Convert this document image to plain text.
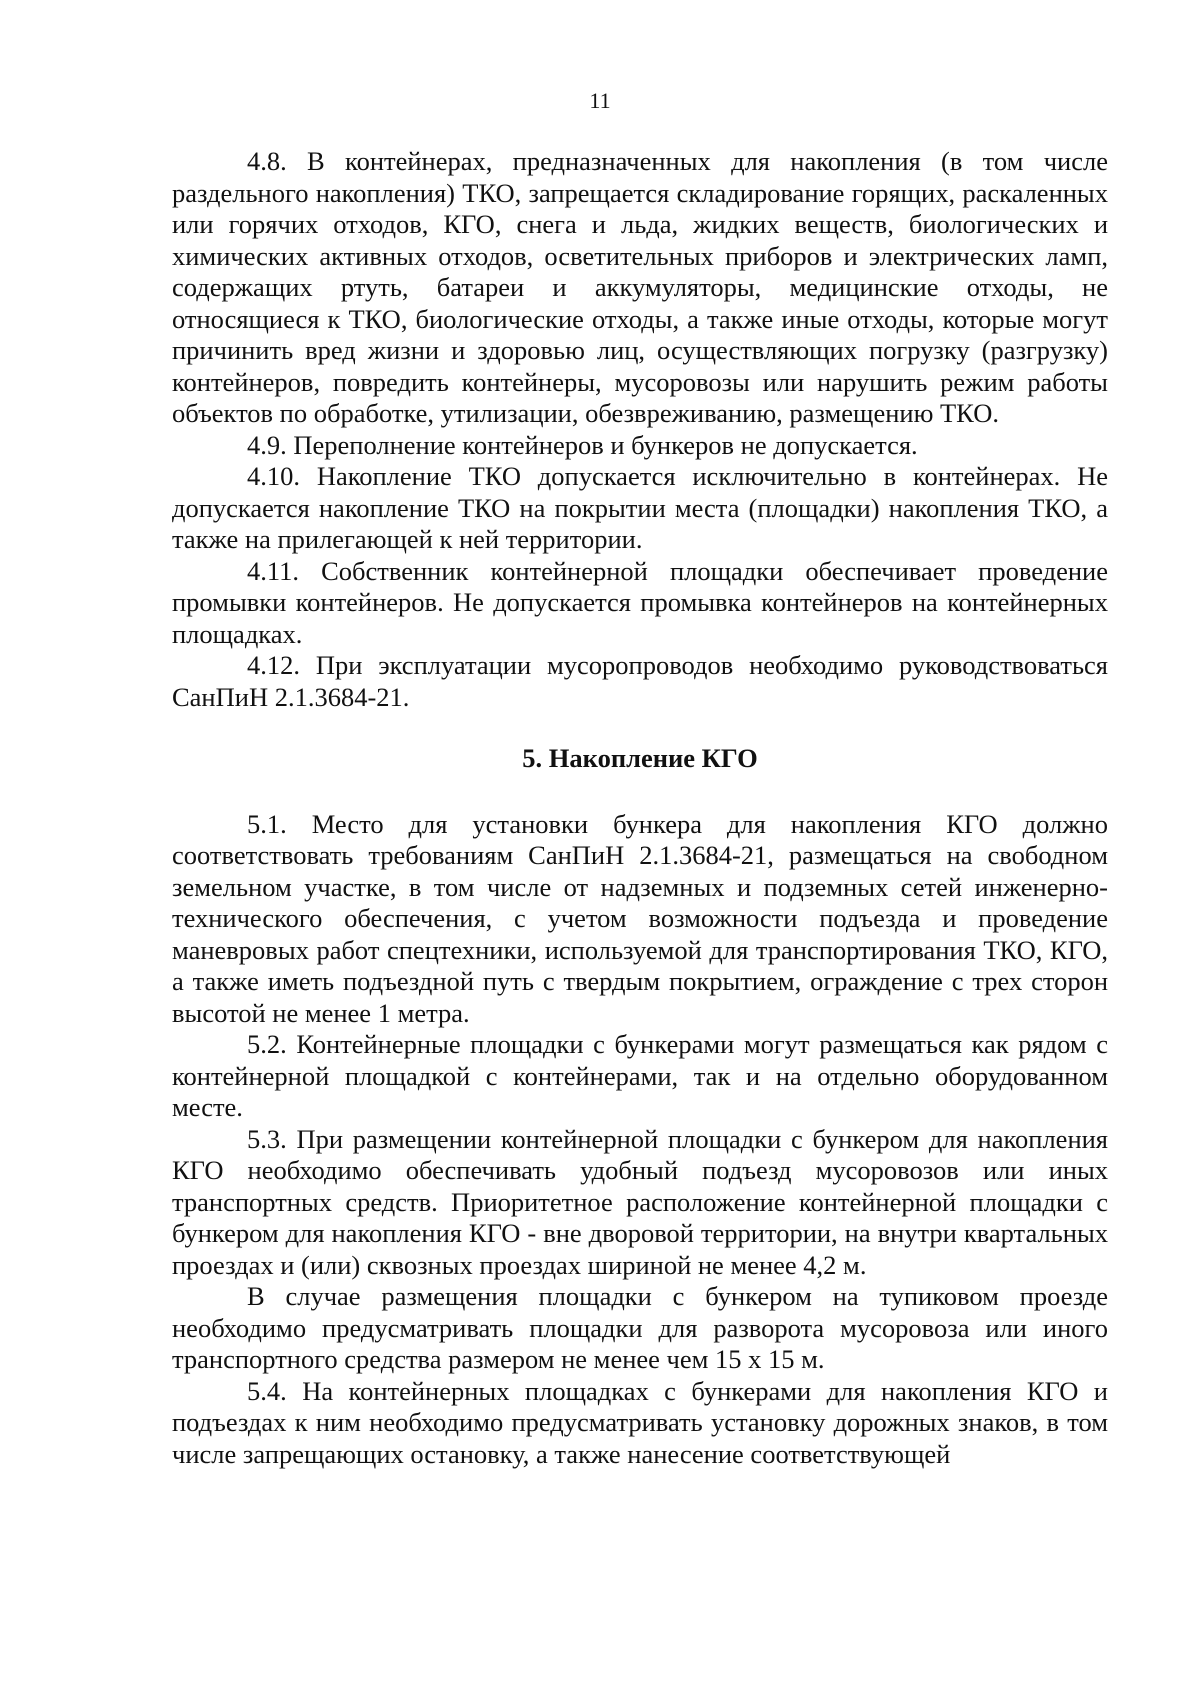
11

4.8. В контейнерах, предназначенных для накопления (в том числе раздельного накопления) ТКО, запрещается складирование горящих, раскаленных или горячих отходов, КГО, снега и льда, жидких веществ, биологических и химических активных отходов, осветительных приборов и электрических ламп, содержащих ртуть, батареи и аккумуляторы, медицинские отходы, не относящиеся к ТКО, биологические отходы, а также иные отходы, которые могут причинить вред жизни и здоровью лиц, осуществляющих погрузку (разгрузку) контейнеров, повредить контейнеры, мусоровозы или нарушить режим работы объектов по обработке, утилизации, обезвреживанию, размещению ТКО.

4.9. Переполнение контейнеров и бункеров не допускается.

4.10. Накопление ТКО допускается исключительно в контейнерах. Не допускается накопление ТКО на покрытии места (площадки) накопления ТКО, а также на прилегающей к ней территории.

4.11. Собственник контейнерной площадки обеспечивает проведение промывки контейнеров. Не допускается промывка контейнеров на контейнерных площадках.

4.12. При эксплуатации мусоропроводов необходимо руководствоваться СанПиН 2.1.3684-21.

5. Накопление КГО

5.1. Место для установки бункера для накопления КГО должно соответствовать требованиям СанПиН 2.1.3684-21, размещаться на свободном земельном участке, в том числе от надземных и подземных сетей инженерно- технического обеспечения, с учетом возможности подъезда и проведение маневровых работ спецтехники, используемой для транспортирования ТКО, КГО, а также иметь подъездной путь с твердым покрытием, ограждение с трех сторон высотой не менее 1 метра.

5.2. Контейнерные площадки с бункерами могут размещаться как рядом с контейнерной площадкой с контейнерами, так и на отдельно оборудованном месте.

5.3. При размещении контейнерной площадки с бункером для накопления КГО необходимо обеспечивать удобный подъезд мусоровозов или иных транспортных средств. Приоритетное расположение контейнерной площадки с бункером для накопления КГО - вне дворовой территории, на внутри квартальных проездах и (или) сквозных проездах шириной не менее 4,2 м.

В случае размещения площадки с бункером на тупиковом проезде необходимо предусматривать площадки для разворота мусоровоза или иного транспортного средства размером не менее чем 15 х 15 м.

5.4. На контейнерных площадках с бункерами для накопления КГО и подъездах к ним необходимо предусматривать установку дорожных знаков, в том числе запрещающих остановку, а также нанесение соответствующей
